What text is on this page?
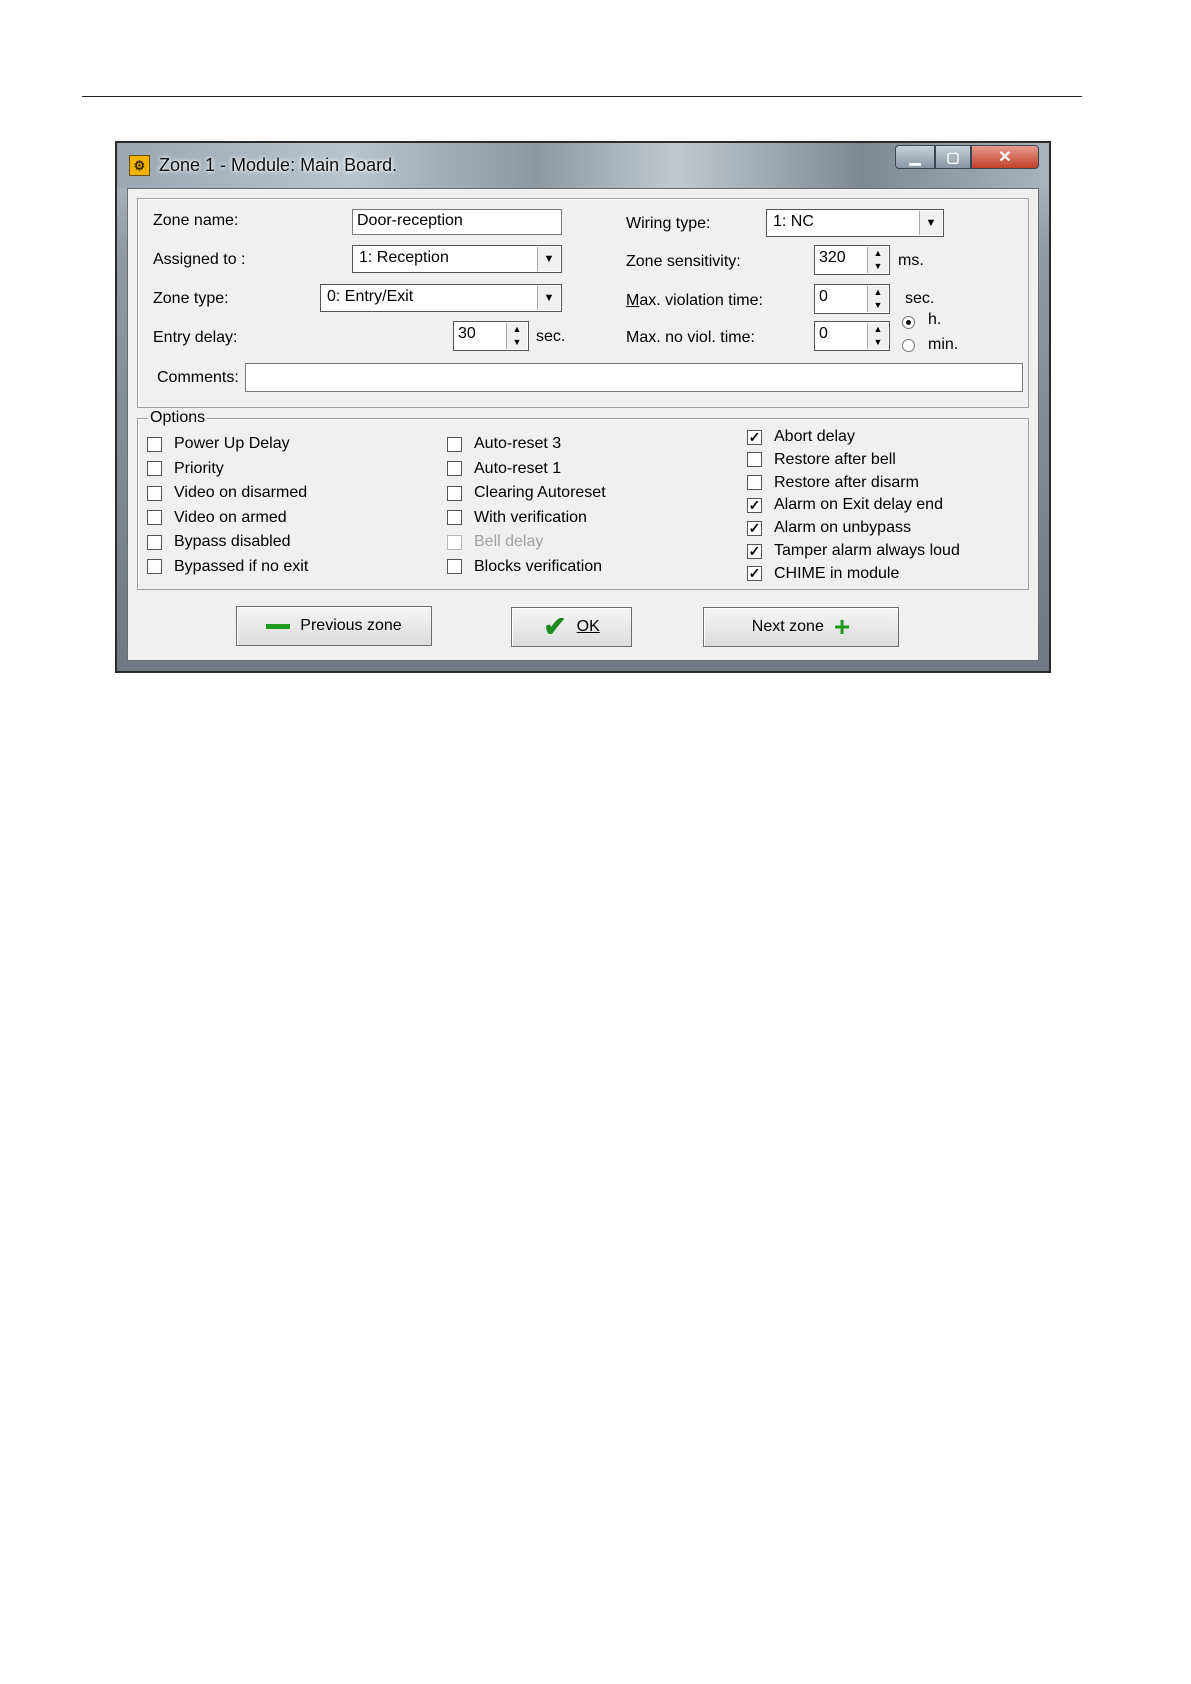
⚙ Zone 1 - Module: Main Board.	▁	▢	✕
Zone name:	Door-reception
Assigned to :	1: Reception	▼
Zone type:	0: Entry/Exit	▼
Entry delay:	30	▲
▼ sec.
Wiring type:	1: NC	▼
Zone sensitivity:	320	▲
▼ ms.
Max. violation time:	0	▲
▼	sec.
Max. no viol. time:	0	▲
▼
h.
min.
Comments:
Options
Power Up Delay
Priority
Video on disarmed
Video on armed
Bypass disabled
Bypassed if no exit
Auto-reset 3
Auto-reset 1
Clearing Autoreset
With verification
Bell delay
Blocks verification
✓ Abort delay
Restore after bell
Restore after disarm
✓ Alarm on Exit delay end
✓ Alarm on unbypass
✓ Tamper alarm always loud
✓ CHIME in module
Previous zone	✔ OK	Next zone +
